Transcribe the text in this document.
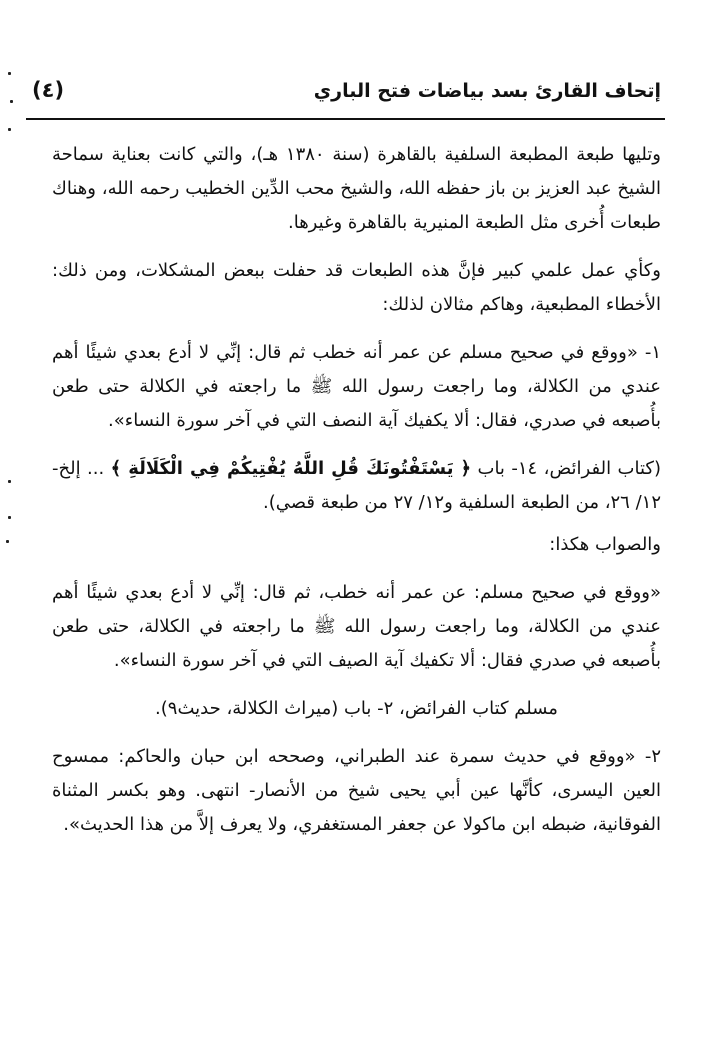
إتحاف القارئ بسد بياضات فتح الباري
(٤)

وتليها طبعة المطبعة السلفية بالقاهرة (سنة ١٣٨٠ هـ)، والتي كانت بعناية سماحة الشيخ عبد العزيز بن باز حفظه الله، والشيخ محب الدِّين الخطيب رحمه الله، وهناك طبعات أُخرى مثل الطبعة المنيرية بالقاهرة وغيرها.

وكأي عمل علمي كبير فإنَّ هذه الطبعات قد حفلت ببعض المشكلات، ومن ذلك: الأخطاء المطبعية، وهاكم مثالان لذلك:

١- «ووقع في صحيح مسلم عن عمر أنه خطب ثم قال: إنِّي لا أدع بعدي شيئًا أهم عندي من الكلالة، وما راجعت رسول الله ﷺ ما راجعته في الكلالة حتى طعن بأُصبعه في صدري، فقال: ألا يكفيك آية النصف التي في آخر سورة النساء».

(كتاب الفرائض، ١٤- باب ﴿ يَسْتَفْتُونَكَ قُلِ اللَّهُ يُفْتِيكُمْ فِي الْكَلَالَةِ ﴾ ... إلخ- ١٢/ ٢٦، من الطبعة السلفية و١٢/ ٢٧ من طبعة قصي).

والصواب هكذا:

«ووقع في صحيح مسلم: عن عمر أنه خطب، ثم قال: إنِّي لا أدع بعدي شيئًا أهم عندي من الكلالة، وما راجعت رسول الله ﷺ ما راجعته في الكلالة، حتى طعن بأُصبعه في صدري فقال: ألا تكفيك آية الصيف التي في آخر سورة النساء».

مسلم كتاب الفرائض، ٢- باب (ميراث الكلالة، حديث٩).

٢- «ووقع في حديث سمرة عند الطبراني، وصححه ابن حبان والحاكم: ممسوح العين اليسرى، كأنَّها عين أبي يحيى شيخ من الأنصار- انتهى. وهو بكسر المثناة الفوقانية، ضبطه ابن ماكولا عن جعفر المستغفري، ولا يعرف إلاَّ من هذا الحديث».
